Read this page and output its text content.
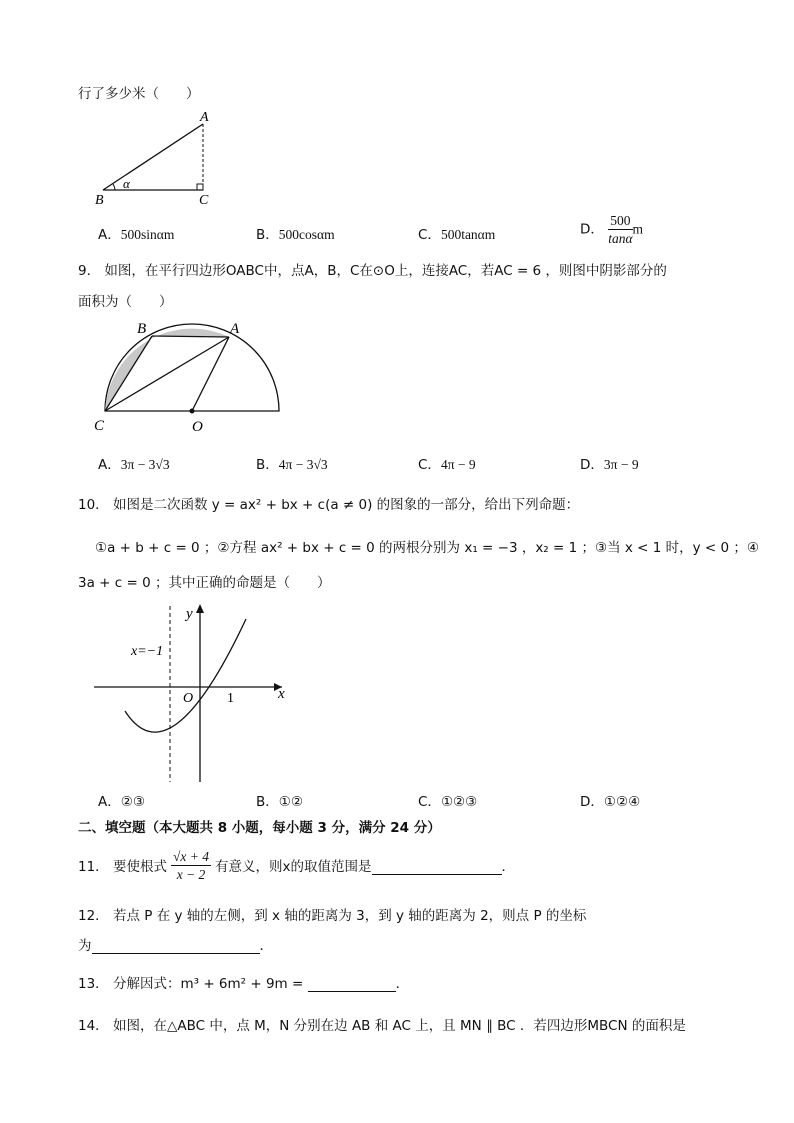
行了多少米（　　）
A
B	C
α
A．500sinαm	B．500cosαm	C．500tanαm	D． $\frac{500}{\tan\alpha}$ m
9． 如图，在平行四边形OABC中，点A，B，C在⊙O上，连接AC，若AC = 6 ，则图中阴影部分的
面积为（　　）
B	A
C	O
A．3π − 3√3	B．4π − 3√3	C．4π − 9	D．3π − 9
10． 如图是二次函数 y = ax² + bx + c(a ≠ 0) 的图象的一部分，给出下列命题：
①a + b + c = 0 ；②方程 ax² + bx + c = 0 的两根分别为 x₁ = −3 ，x₂ = 1 ；③当 x < 1 时，y < 0 ；④
3a + c = 0 ；其中正确的命题是（　　）
y
x
O 1
x=−1
A．②③	B．①②	C．①②③	D．①②④
二、填空题（本大题共 8 小题，每小题 3 分，满分 24 分）
11． 要使根式 $\frac{√x + 4}{x - 2}$ 有意义，则x的取值范围是	．
12． 若点 P 在 y 轴的左侧，到 x 轴的距离为 3，到 y 轴的距离为 2，则点 P 的坐标
为	．
13． 分解因式：m³ + 6m² + 9m =	．
14． 如图，在△ABC 中，点 M，N 分别在边 AB 和 AC 上，且 MN ∥ BC ．若四边形MBCN 的面积是
